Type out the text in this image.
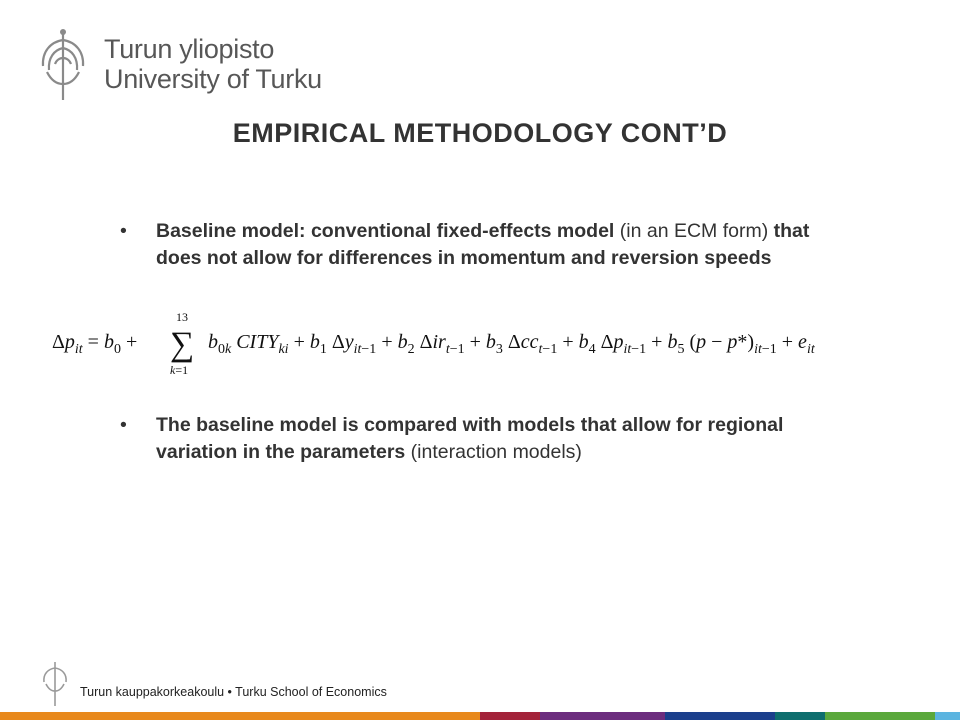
Turun yliopisto
University of Turku
EMPIRICAL METHODOLOGY CONT’D
• Baseline model: conventional fixed-effects model (in an ECM form) that does not allow for differences in momentum and reversion speeds
$\Delta p_{it} = b_0$ + ∑
13
k=1
$b_0k$ $CITY_{ki} + b_1$ $\Delta y_{it}-1 + b_2$ $\Delta ir_t-1 + b_3$ $\Delta cc_t-1 + b_4$ $\Delta p_{it}-1 + b_5$ $(p - p*)_{it}-1 + e_{it}$
• The baseline model is compared with models that allow for regional variation in the parameters (interaction models)
Turun kauppakorkeakoulu • Turku School of Economics
